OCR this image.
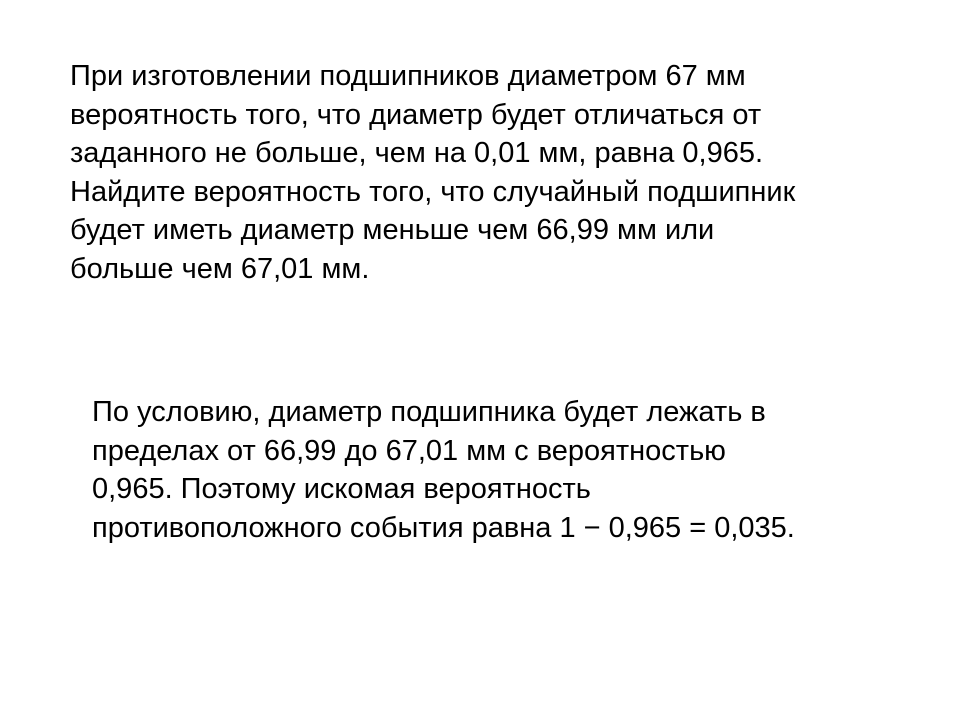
При изготовлении подшипников диаметром 67 мм
вероятность того, что диаметр будет отличаться от
заданного не больше, чем на 0,01 мм, равна 0,965.
Найдите вероятность того, что случайный подшипник
будет иметь диаметр меньше чем 66,99 мм или
больше чем 67,01 мм.
По условию, диаметр подшипника будет лежать в
пределах от 66,99 до 67,01 мм с вероятностью
0,965. Поэтому искомая вероятность
противоположного события равна 1 − 0,965 = 0,035.
